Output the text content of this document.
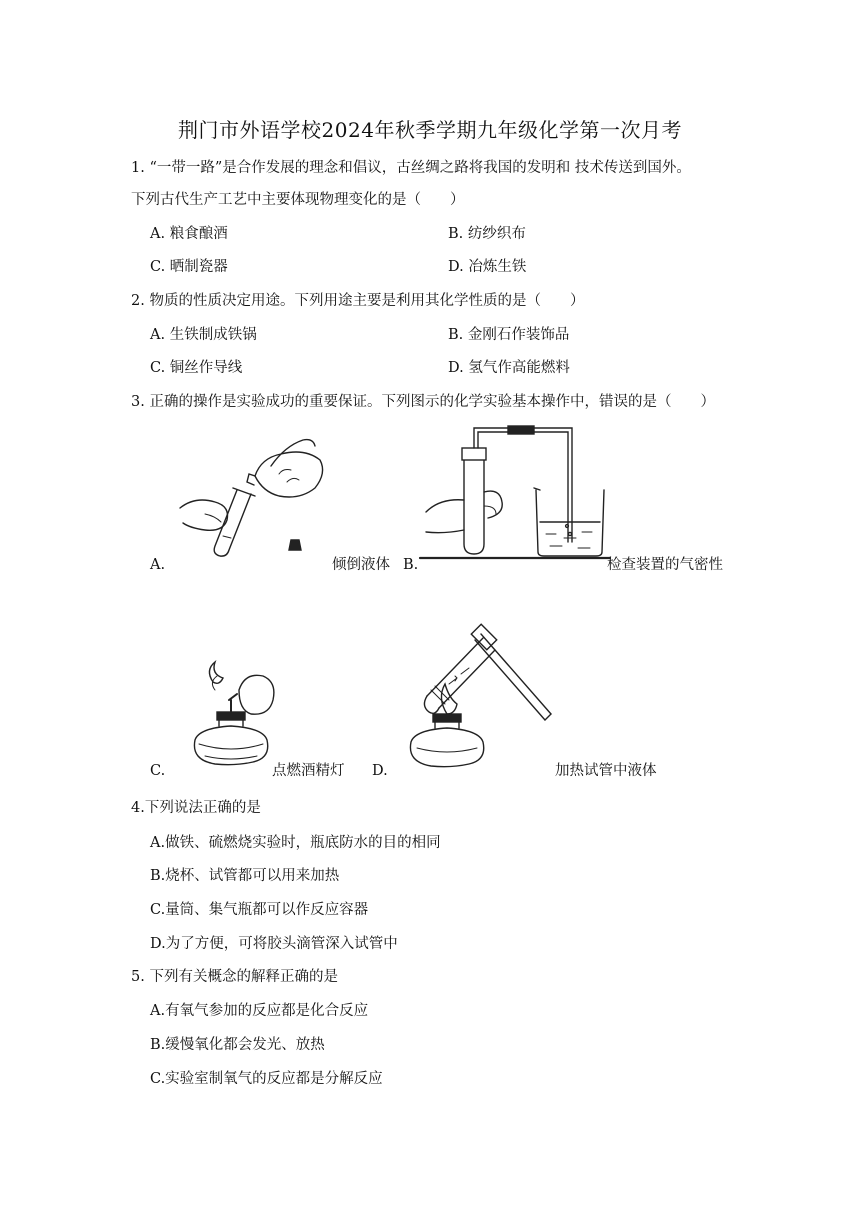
荆门市外语学校2024年秋季学期九年级化学第一次月考
1. “一带一路”是合作发展的理念和倡议，古丝绸之路将我国的发明和 技术传送到国外。
下列古代生产工艺中主要体现物理变化的是（　　）
A. 粮食酿酒	B. 纺纱织布
C. 晒制瓷器	D. 冶炼生铁
2. 物质的性质决定用途。下列用途主要是利用其化学性质的是（　　）
A. 生铁制成铁锅	B. 金刚石作装饰品
C. 铜丝作导线	D. 氢气作高能燃料
3. 正确的操作是实验成功的重要保证。下列图示的化学实验基本操作中，错误的是（　　）
A.	倾倒液体 B.	检查装置的气密性
C.	点燃酒精灯 D.	加热试管中液体
4.下列说法正确的是
A.做铁、硫燃烧实验时，瓶底防水的目的相同
B.烧杯、试管都可以用来加热
C.量筒、集气瓶都可以作反应容器
D.为了方便，可将胶头滴管深入试管中
5. 下列有关概念的解释正确的是
A.有氧气参加的反应都是化合反应
B.缓慢氧化都会发光、放热
C.实验室制氧气的反应都是分解反应
